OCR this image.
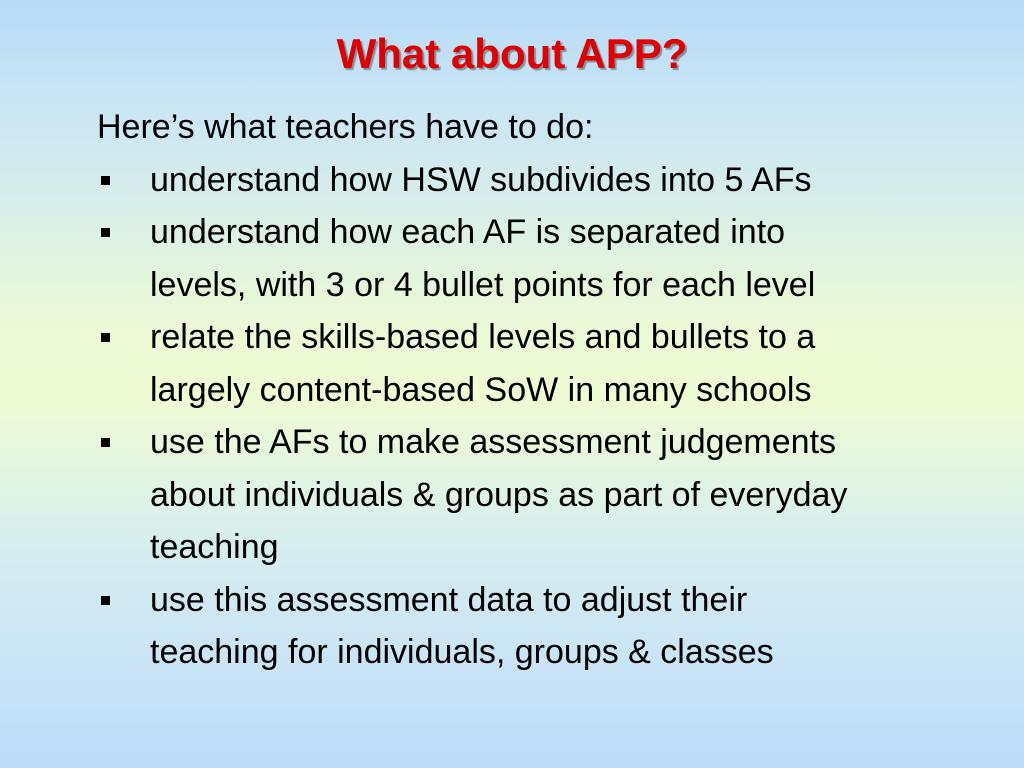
What about APP?

Here’s what teachers have to do:

understand how HSW subdivides into 5 AFs
understand how each AF is separated into
levels, with 3 or 4 bullet points for each level
relate the skills-based levels and bullets to a
largely content-based SoW in many schools
use the AFs to make assessment judgements
about individuals & groups as part of everyday
teaching
use this assessment data to adjust their
teaching for individuals, groups & classes
